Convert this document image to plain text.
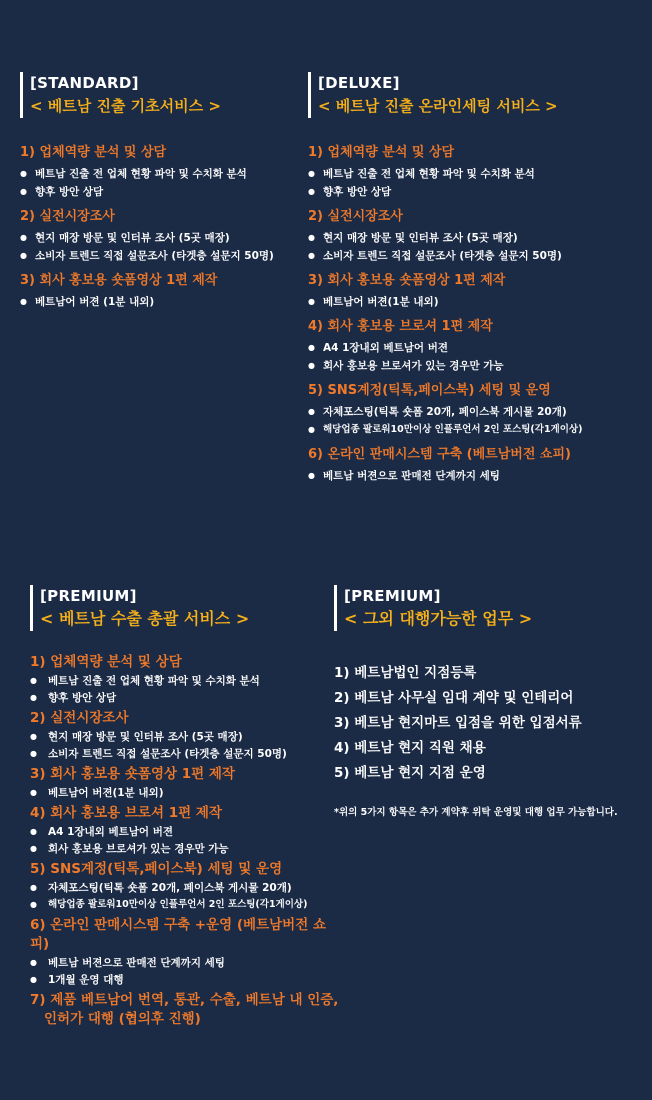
[STANDARD]
< 베트남 진출 기초서비스 >
1) 업체역량 분석 및 상담
● 베트남 진출 전 업체 현황 파악 및 수치화 분석
● 향후 방안 상담
2) 실전시장조사
● 현지 매장 방문 및 인터뷰 조사 (5곳 매장)
● 소비자 트렌드 직접 설문조사 (타겟층 설문지 50명)
3) 회사 홍보용 숏폼영상 1편 제작
● 베트남어 버젼 (1분 내외)
[DELUXE]
< 베트남 진출 온라인세팅 서비스 >
1) 업체역량 분석 및 상담
● 베트남 진출 전 업체 현황 파악 및 수치화 분석
● 향후 방안 상담
2) 실전시장조사
● 현지 매장 방문 및 인터뷰 조사 (5곳 매장)
● 소비자 트렌드 직접 설문조사 (타겟층 설문지 50명)
3) 회사 홍보용 숏폼영상 1편 제작
● 베트남어 버젼(1분 내외)
4) 회사 홍보용 브로셔 1편 제작
● A4 1장내외 베트남어 버젼
● 회사 홍보용 브로셔가 있는 경우만 가능
5) SNS계정(틱톡,페이스북) 세팅 및 운영
● 자체포스팅(틱톡 숏폼 20개, 페이스북 게시물 20개)
● 해당업종 팔로워10만이상 인플루언서 2인 포스팅(각1게이상)
6) 온라인 판매시스템 구축 (베트남버전 쇼피)
● 베트남 버젼으로 판매전 단계까지 세팅
[PREMIUM]
< 베트남 수출 총괄 서비스 >
1) 업체역량 분석 및 상담
● 베트남 진출 전 업체 현황 파악 및 수치화 분석
● 향후 방안 상담
2) 실전시장조사
● 현지 매장 방문 및 인터뷰 조사 (5곳 매장)
● 소비자 트렌드 직접 설문조사 (타겟층 설문지 50명)
3) 회사 홍보용 숏폼영상 1편 제작
● 베트남어 버젼(1분 내외)
4) 회사 홍보용 브로셔 1편 제작
● A4 1장내외 베트남어 버젼
● 회사 홍보용 브로셔가 있는 경우만 가능
5) SNS계정(틱톡,페이스북) 세팅 및 운영
● 자체포스팅(틱톡 숏폼 20개, 페이스북 게시물 20개)
● 해당업종 팔로워10만이상 인플루언서 2인 포스팅(각1게이상)
6) 온라인 판매시스템 구축 +운영 (베트남버전 쇼피)
● 베트남 버젼으로 판매전 단계까지 세팅
● 1개월 운영 대행
7) 제품 베트남어 번역, 통관, 수출, 베트남 내 인증,
인허가 대행 (협의후 진행)
[PREMIUM]
< 그외 대행가능한 업무 >
1) 베트남법인 지점등록
2) 베트남 사무실 임대 계약 및 인테리어
3) 베트남 현지마트 입점을 위한 입점서류
4) 베트남 현지 직원 채용
5) 베트남 현지 지점 운영
*위의 5가지 항목은 추가 계약후 위탁 운영및 대행 업무 가능합니다.
